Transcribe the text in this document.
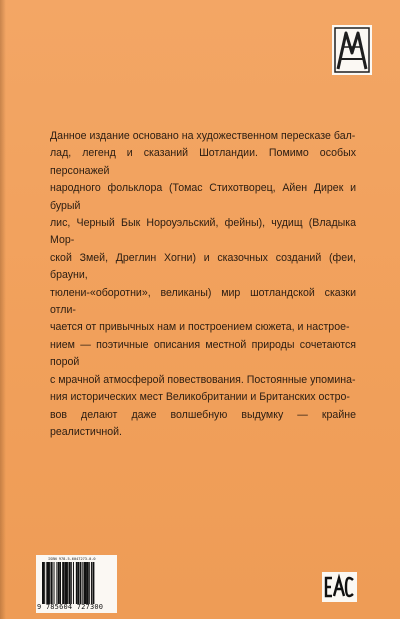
Данное издание основано на художественном пересказе бал-
лад, легенд и сказаний Шотландии. Помимо особых персонажей
народного фольклора (Томас Стихотворец, Айен Дирек и бурый
лис, Черный Бык Нороуэльский, фейны), чудищ (Владыка Мор-
ской Змей, Дреглин Хогни) и сказочных созданий (феи, брауни,
тюлени-«оборотни», великаны) мир шотландской сказки отли-
чается от привычных нам и построением сюжета, и настрое-
нием — поэтичные описания местной природы сочетаются порой
с мрачной атмосферой повествования. Постоянные упомина-
ния исторических мест Великобритании и Британских остро-
вов делают даже волшебную выдумку — крайне реалистичной.

ISBN 978-5-6047273-0-0
9 785604 727300
